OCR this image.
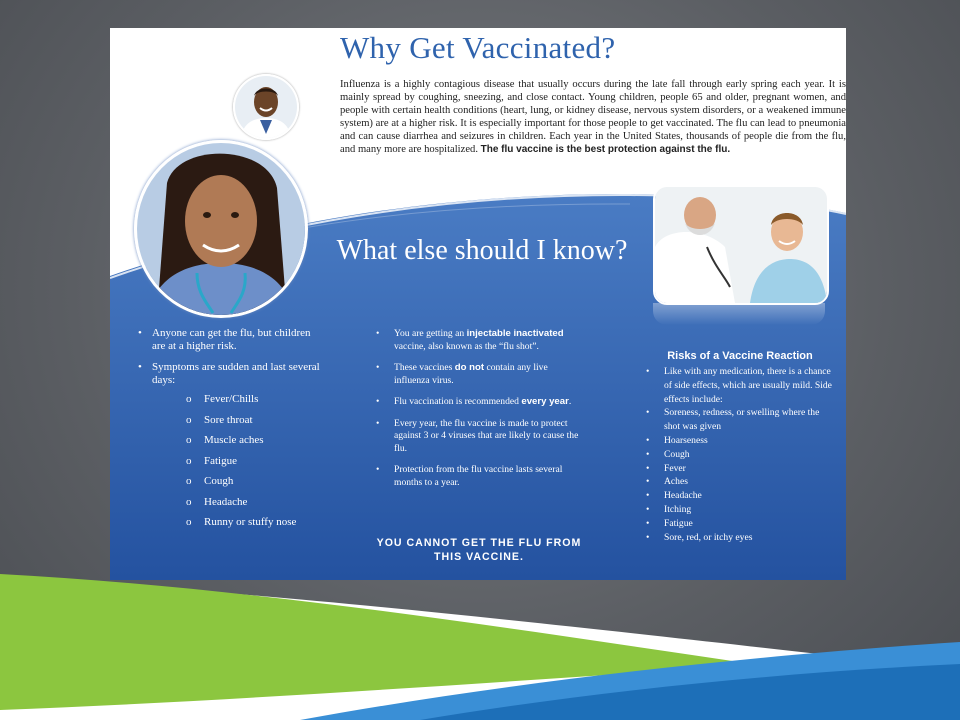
Why Get Vaccinated?
Influenza is a highly contagious disease that usually occurs during the late fall through early spring each year. It is mainly spread by coughing, sneezing, and close contact. Young children, people 65 and older, pregnant women, and people with certain health conditions (heart, lung, or kidney disease, nervous system disorders, or a weakened immune system) are at a higher risk. It is especially important for those people to get vaccinated. The flu can lead to pneumonia and can cause diarrhea and seizures in children. Each year in the United States, thousands of people die from the flu, and many more are hospitalized. The flu vaccine is the best protection against the flu.
What else should I know?
• Anyone can get the flu, but children are at a higher risk.
• Symptoms are sudden and last several days:
o Fever/Chills
o Sore throat
o Muscle aches
o Fatigue
o Cough
o Headache
o Runny or stuffy nose
• You are getting an injectable inactivated vaccine, also known as the “flu shot”.
• These vaccines do not contain any live influenza virus.
• Flu vaccination is recommended every year.
• Every year, the flu vaccine is made to protect against 3 or 4 viruses that are likely to cause the flu.
• Protection from the flu vaccine lasts several months to a year.
YOU CANNOT GET THE FLU FROM THIS VACCINE.
Risks of a Vaccine Reaction
• Like with any medication, there is a chance of side effects, which are usually mild. Side effects include:
• Soreness, redness, or swelling where the shot was given
• Hoarseness
• Cough
• Fever
• Aches
• Headache
• Itching
• Fatigue
• Sore, red, or itchy eyes
